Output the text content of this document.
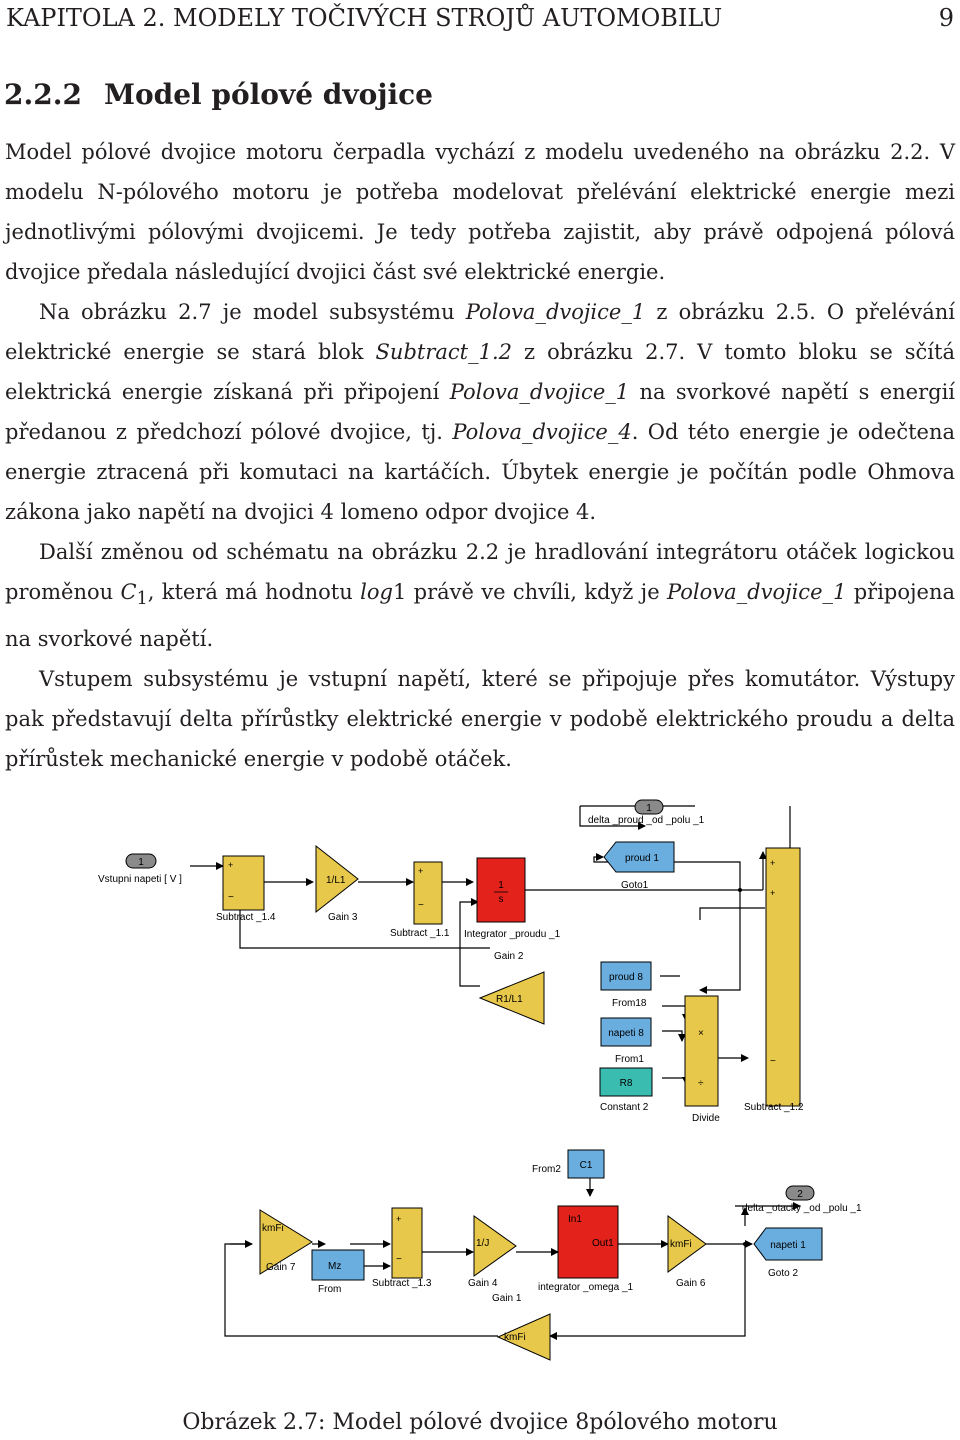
KAPITOLA 2. MODELY TOČIVÝCH STROJŮ AUTOMOBILU	9
2.2.2 Model pólové dvojice

Model pólové dvojice motoru čerpadla vychází z modelu uvedeného na obrázku 2.2. V modelu N-pólového motoru je potřeba modelovat přelévání elektrické energie mezi jednotlivými pólovými dvojicemi. Je tedy potřeba zajistit, aby právě odpojená pólová dvojice předala následující dvojici část své elektrické energie.

Na obrázku 2.7 je model subsystému Polova_dvojice_1 z obrázku 2.5. O přelévání elektrické energie se stará blok Subtract_1.2 z obrázku 2.7. V tomto bloku se sčítá elektrická energie získaná při připojení Polova_dvojice_1 na svorkové napětí s energií předanou z předchozí pólové dvojice, tj. Polova_dvojice_4. Od této energie je odečtena energie ztracená při komutaci na kartáčích. Úbytek energie je počítán podle Ohmova zákona jako napětí na dvojici 4 lomeno odpor dvojice 4.

Další změnou od schématu na obrázku 2.2 je hradlování integrátoru otáček logickou proměnou $C_1$, která má hodnotu log1 právě ve chvíli, když je Polova_dvojice_1 připojena na svorkové napětí.

Vstupem subsystému je vstupní napětí, které se připojuje přes komutátor. Výstupy pak představují delta přírůstky elektrické energie v podobě elektrického proudu a delta přírůstek mechanické energie v podobě otáček.

1
Vstupni napeti [ V ]
+
−
Subtract _1.4
1/L1
Gain 3
+
−
Subtract _1.1
1
s
Integrator _proudu _1
1
delta _proud _od _polu _1
proud 1
Goto1
R1/L1
Gain 2
proud 8
From18
napeti 8
From1
R8
Constant 2
×
÷
Divide
+
+
−
Subtract _1.2
C1
From2
2
delta _otacky _od _polu _1
kmFi
Gain 7	Mz
From
+
−
Subtract _1.3
1/J
Gain 4
In1
Out1
integrator _omega _1
kmFi
Gain 6
napeti 1
Goto 2
kmFi
Gain 1
Obrázek 2.7: Model pólové dvojice 8pólového motoru
